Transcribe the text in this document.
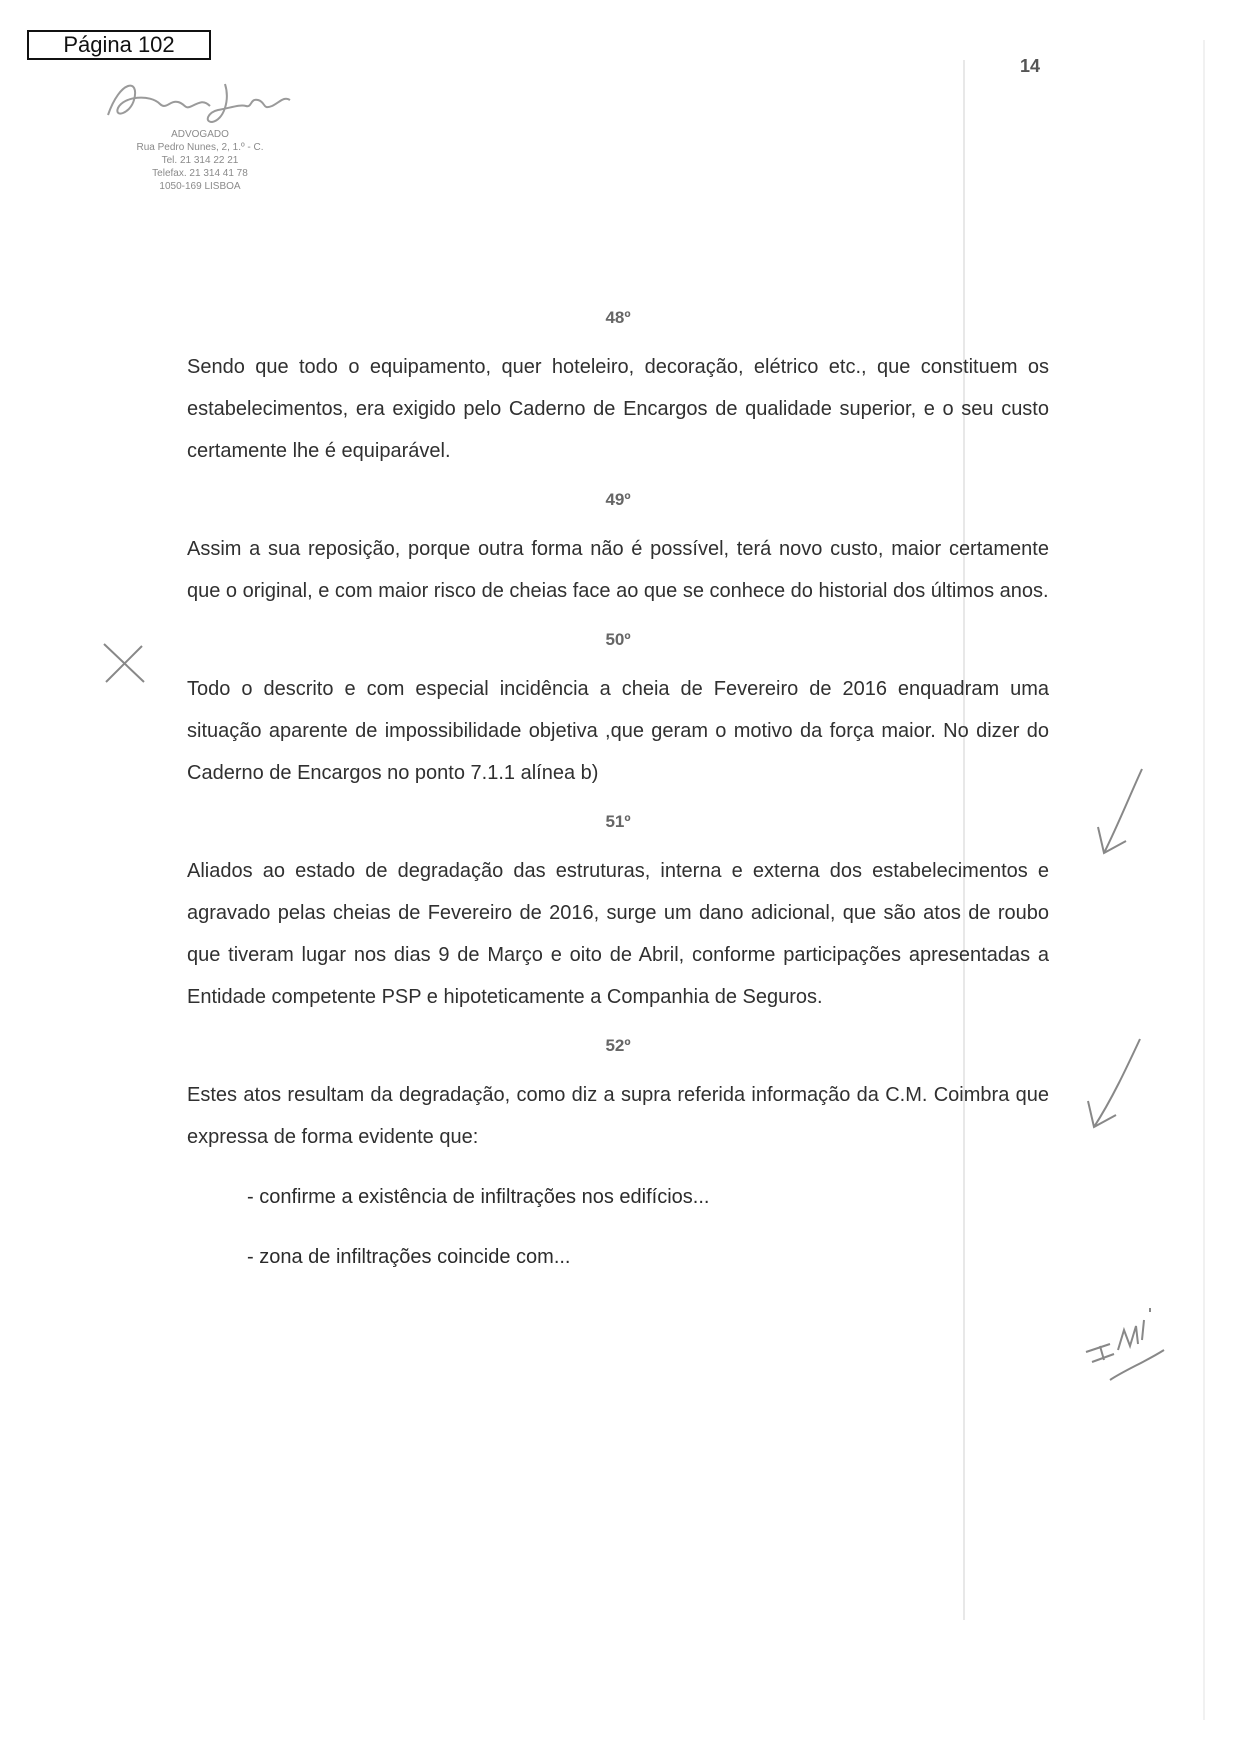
Página 102
14
ADVOGADO
Rua Pedro Nunes, 2, 1.º - C.
Tel. 21 314 22 21
Telefax. 21 314 41 78
1050-169 LISBOA
48º

Sendo que todo o equipamento, quer hoteleiro, decoração, elétrico etc., que constituem os estabelecimentos, era exigido pelo Caderno de Encargos de qualidade superior, e o seu custo certamente lhe é equiparável.

49º

Assim a sua reposição, porque outra forma não é possível, terá novo custo, maior certamente que o original, e com maior risco de cheias face ao que se conhece do historial dos últimos anos.

50º

Todo o descrito e com especial incidência a cheia de Fevereiro de 2016 enquadram uma situação aparente de impossibilidade objetiva ,que geram o motivo da força maior. No dizer do Caderno de Encargos no ponto 7.1.1 alínea b)

51º

Aliados ao estado de degradação das estruturas, interna e externa dos estabelecimentos e agravado pelas cheias de Fevereiro de 2016, surge um dano adicional, que são atos de roubo que tiveram lugar nos dias 9 de Março e oito de Abril, conforme participações apresentadas a Entidade competente PSP e hipoteticamente a Companhia de Seguros.

52º

Estes atos resultam da degradação, como diz a supra referida informação da C.M. Coimbra que expressa de forma evidente que:

- confirme a existência de infiltrações nos edifícios...

- zona de infiltrações coincide com...
